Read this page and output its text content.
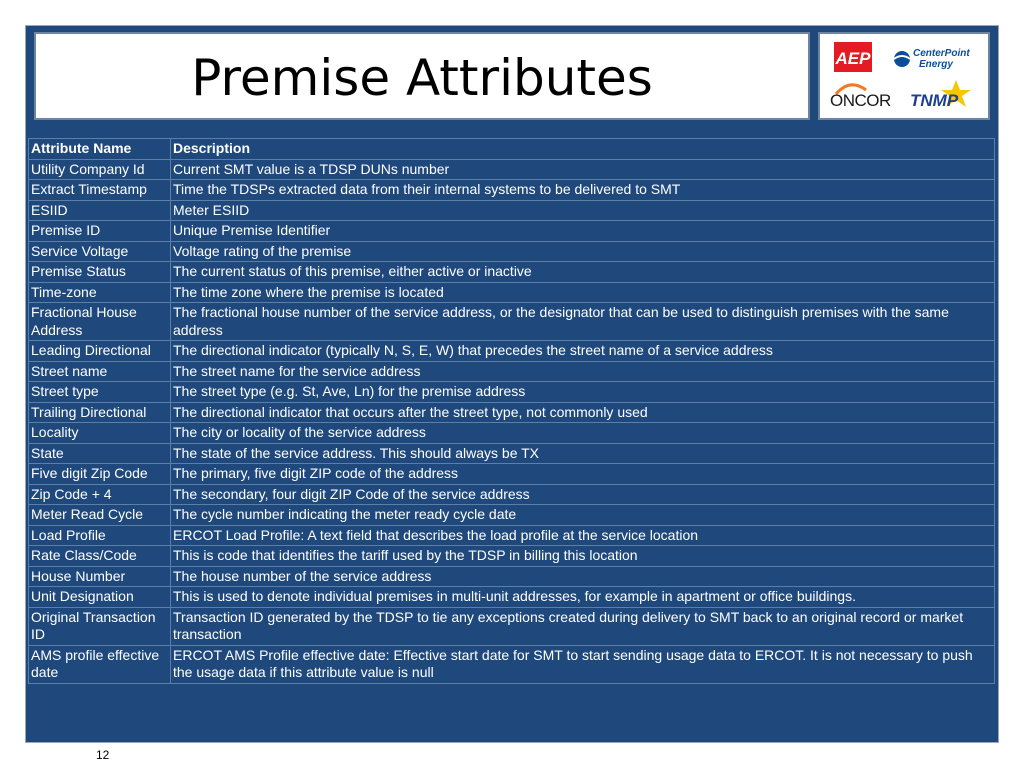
Premise Attributes	AEP	CenterPoint
Energy
ONCOR TNMP
Attribute Name	Description
Utility Company Id	Current SMT value is a TDSP DUNs number
Extract Timestamp	Time the TDSPs extracted data from their internal systems to be delivered to SMT
ESIID	Meter ESIID
Premise ID	Unique Premise Identifier
Service Voltage	Voltage rating of the premise
Premise Status	The current status of this premise, either active or inactive
Time-zone	The time zone where the premise is located
Fractional House Address	The fractional house number of the service address, or the designator that can be used to distinguish premises with the same address
Leading Directional	The directional indicator (typically N, S, E, W) that precedes the street name of a service address
Street name	The street name for the service address
Street type	The street type (e.g. St, Ave, Ln) for the premise address
Trailing Directional	The directional indicator that occurs after the street type, not commonly used
Locality	The city or locality of the service address
State	The state of the service address. This should always be TX
Five digit Zip Code	The primary, five digit ZIP code of the address
Zip Code + 4	The secondary, four digit ZIP Code of the service address
Meter Read Cycle	The cycle number indicating the meter ready cycle date
Load Profile	ERCOT Load Profile: A text field that describes the load profile at the service location
Rate Class/Code	This is code that identifies the tariff used by the TDSP in billing this location
House Number	The house number of the service address
Unit Designation	This is used to denote individual premises in multi-unit addresses, for example in apartment or office buildings.
Original Transaction ID	Transaction ID generated by the TDSP to tie any exceptions created during delivery to SMT back to an original record or market transaction
AMS profile effective date	ERCOT AMS Profile effective date: Effective start date for SMT to start sending usage data to ERCOT. It is not necessary to push the usage data if this attribute value is null
12
